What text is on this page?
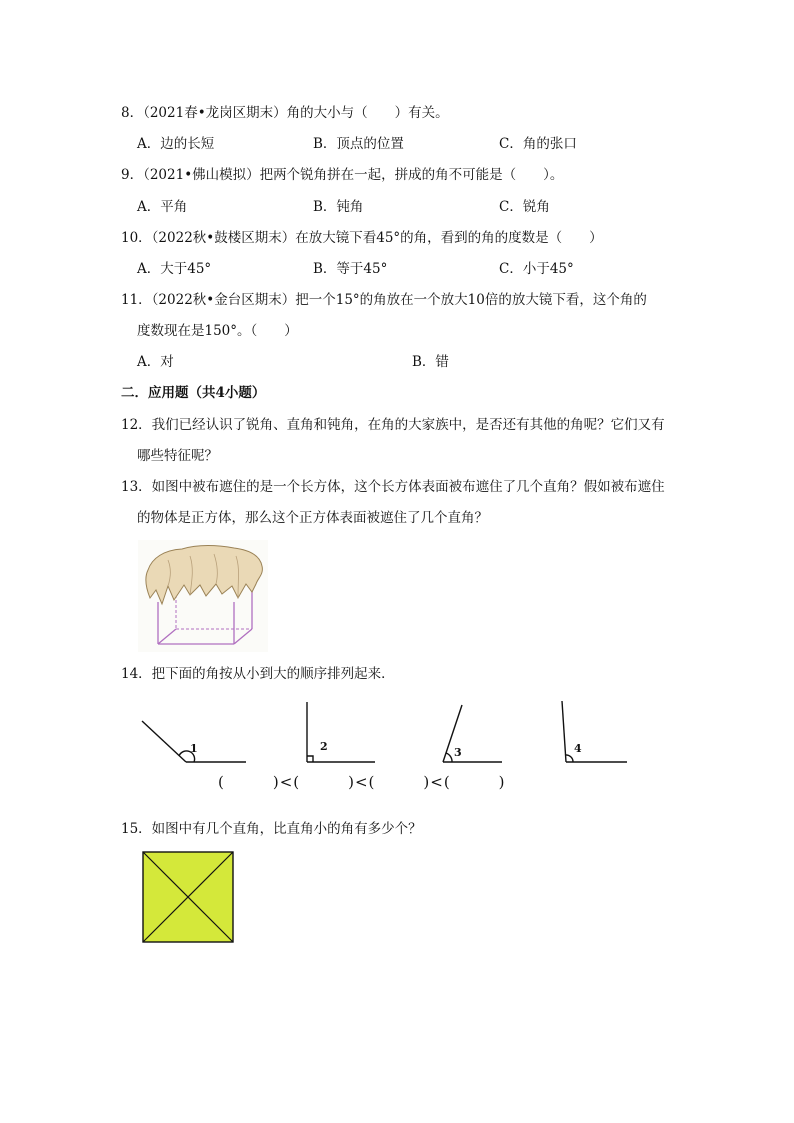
8．（2021春•龙岗区期末）角的大小与（　　）有关。
A．边的长短	B．顶点的位置	C．角的张口
9．（2021•佛山模拟）把两个锐角拼在一起，拼成的角不可能是（　　）。
A．平角	B．钝角	C．锐角
10．（2022秋•鼓楼区期末）在放大镜下看45°的角，看到的角的度数是（　　）
A．大于45°	B．等于45°	C．小于45°
11．（2022秋•金台区期末）把一个15°的角放在一个放大10倍的放大镜下看，这个角的
度数现在是150°。（　　）
A．对	B．错
二．应用题（共4小题）
12．我们已经认识了锐角、直角和钝角，在角的大家族中，是否还有其他的角呢？它们又有
哪些特征呢？
13．如图中被布遮住的是一个长方体，这个长方体表面被布遮住了几个直角？假如被布遮住
的物体是正方体，那么这个正方体表面被遮住了几个直角？
14．把下面的角按从小到大的顺序排列起来．
1	2	3	4
(　　　)<(　　　)<(　　　)<(　　　)
15．如图中有几个直角，比直角小的角有多少个？
